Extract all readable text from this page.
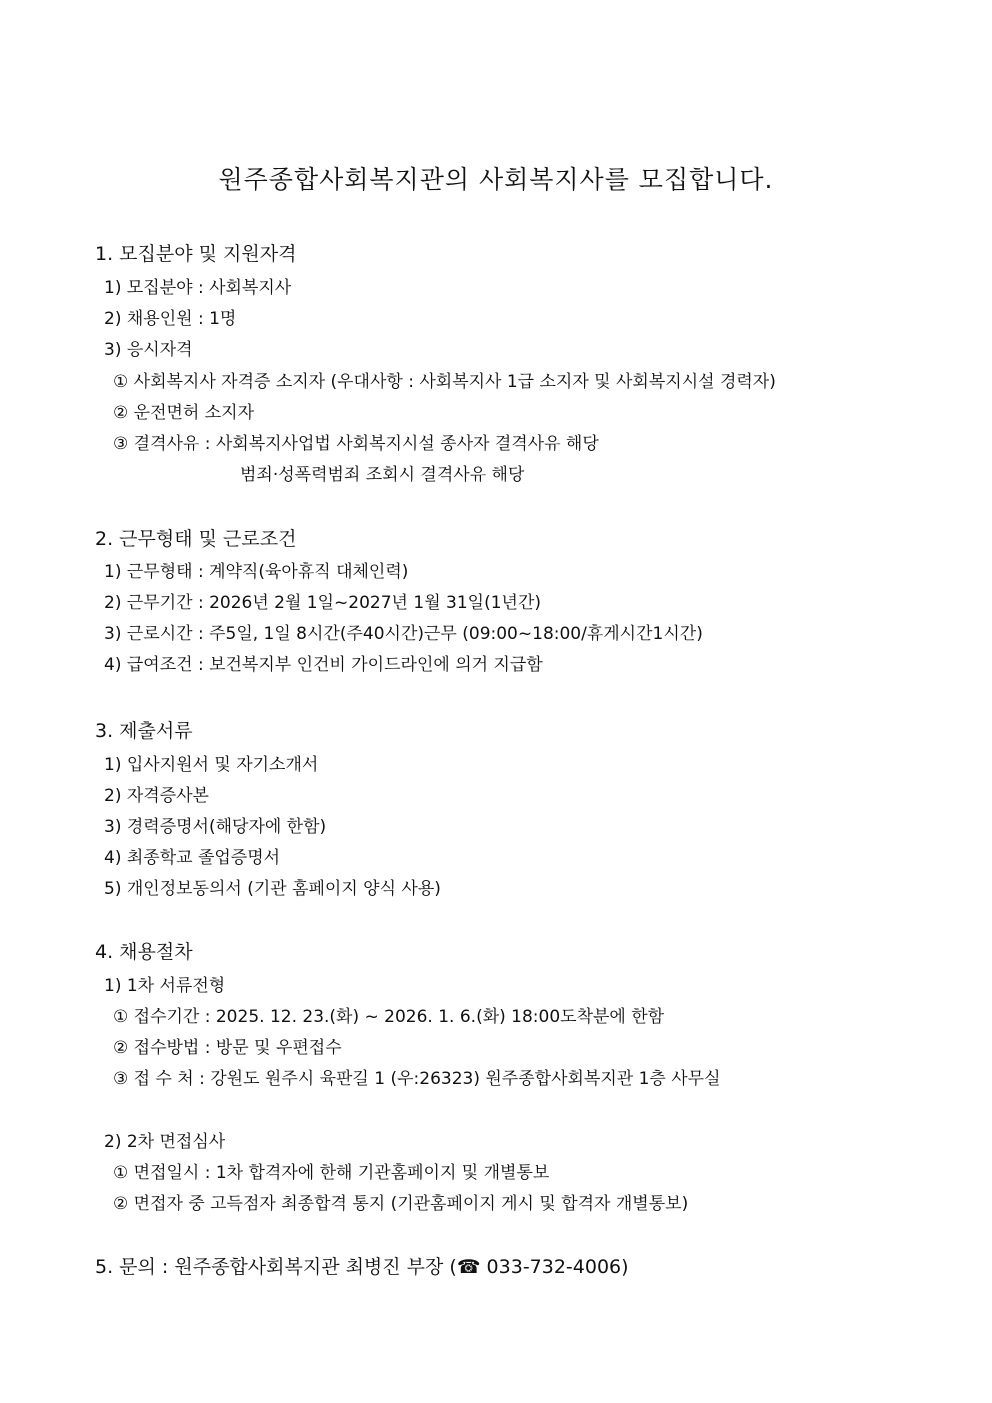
원주종합사회복지관의 사회복지사를 모집합니다.
1. 모집분야 및 지원자격
1) 모집분야 : 사회복지사
2) 채용인원 : 1명
3) 응시자격
① 사회복지사 자격증 소지자 (우대사항 : 사회복지사 1급 소지자 및 사회복지시설 경력자)
② 운전면허 소지자
③ 결격사유 : 사회복지사업법 사회복지시설 종사자 결격사유 해당
범죄·성폭력범죄 조회시 결격사유 해당
2. 근무형태 및 근로조건
1) 근무형태 : 계약직(육아휴직 대체인력)
2) 근무기간 : 2026년 2월 1일~2027년 1월 31일(1년간)
3) 근로시간 : 주5일, 1일 8시간(주40시간)근무 (09:00~18:00/휴게시간1시간)
4) 급여조건 : 보건복지부 인건비 가이드라인에 의거 지급함
3. 제출서류
1) 입사지원서 및 자기소개서
2) 자격증사본
3) 경력증명서(해당자에 한함)
4) 최종학교 졸업증명서
5) 개인정보동의서 (기관 홈페이지 양식 사용)
4. 채용절차
1) 1차 서류전형
① 접수기간 : 2025. 12. 23.(화) ~ 2026. 1. 6.(화) 18:00도착분에 한함
② 접수방법 : 방문 및 우편접수
③ 접 수 처 : 강원도 원주시 육판길 1 (우:26323) 원주종합사회복지관 1층 사무실
2) 2차 면접심사
① 면접일시 : 1차 합격자에 한해 기관홈페이지 및 개별통보
② 면접자 중 고득점자 최종합격 통지 (기관홈페이지 게시 및 합격자 개별통보)
5. 문의 : 원주종합사회복지관 최병진 부장 (☎ 033-732-4006)
